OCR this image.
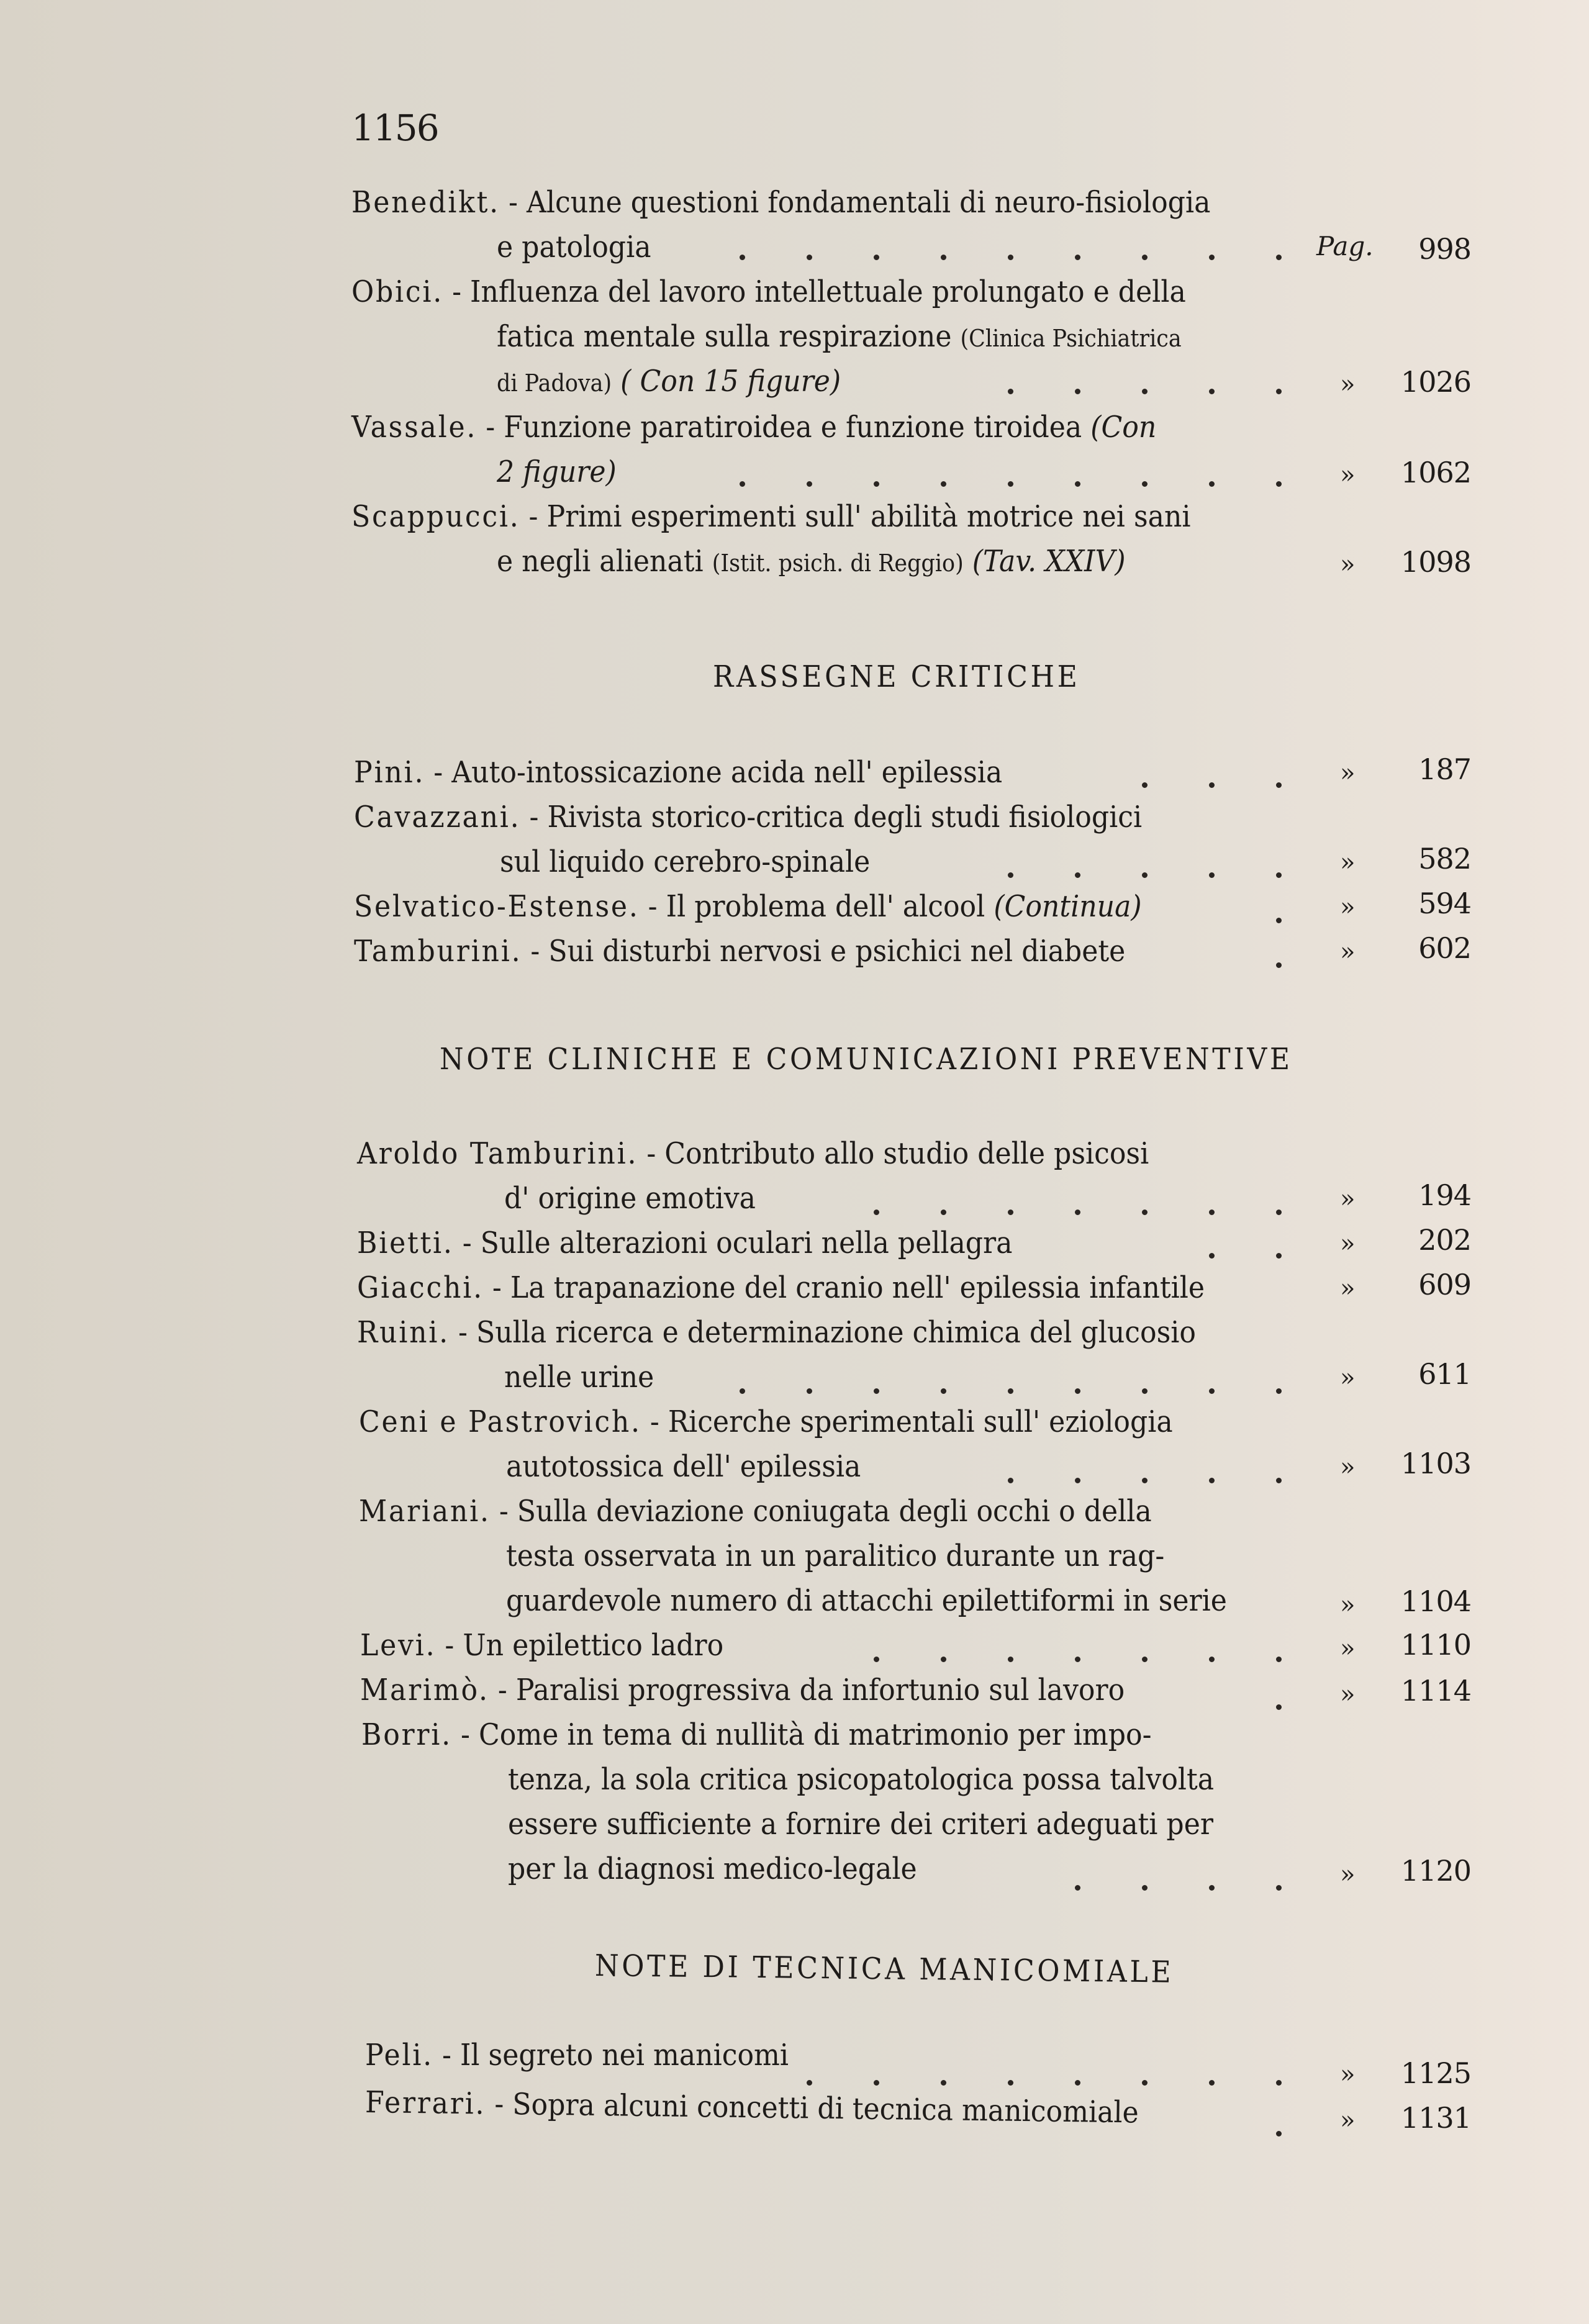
1156
Benedikt. - Alcune questioni fondamentali di neuro-fisiologia
e patologia	Pag.	998
Obici. - Influenza del lavoro intellettuale prolungato e della
fatica mentale sulla respirazione (Clinica Psichiatrica
di Padova) ( Con 15 figure)	»	1026
Vassale. - Funzione paratiroidea e funzione tiroidea (Con
2 figure)	»	1062
Scappucci. - Primi esperimenti sull' abilità motrice nei sani
e negli alienati (Istit. psich. di Reggio) (Tav. XXIV)	»	1098
RASSEGNE CRITICHE
Pini. - Auto-intossicazione acida nell' epilessia	»	187
Cavazzani. - Rivista storico-critica degli studi fisiologici
sul liquido cerebro-spinale	»	582
Selvatico-Estense. - Il problema dell' alcool (Continua)	»	594
Tamburini. - Sui disturbi nervosi e psichici nel diabete	»	602
NOTE CLINICHE E COMUNICAZIONI PREVENTIVE
Aroldo Tamburini. - Contributo allo studio delle psicosi
d' origine emotiva	»	194
Bietti. - Sulle alterazioni oculari nella pellagra	»	202
Giacchi. - La trapanazione del cranio nell' epilessia infantile	»	609
Ruini. - Sulla ricerca e determinazione chimica del glucosio
nelle urine	»	611
Ceni e Pastrovich. - Ricerche sperimentali sull' eziologia
autotossica dell' epilessia	»	1103
Mariani. - Sulla deviazione coniugata degli occhi o della
testa osservata in un paralitico durante un rag-
guardevole numero di attacchi epilettiformi in serie	»	1104
Levi. - Un epilettico ladro	»	1110
Marimò. - Paralisi progressiva da infortunio sul lavoro	»	1114
Borri. - Come in tema di nullità di matrimonio per impo-
tenza, la sola critica psicopatologica possa talvolta
essere sufficiente a fornire dei criteri adeguati per
per la diagnosi medico-legale	»	1120
NOTE DI TECNICA MANICOMIALE
Peli. - Il segreto nei manicomi
»	1125
Ferrari. - Sopra alcuni concetti di tecnica manicomiale	»	1131
